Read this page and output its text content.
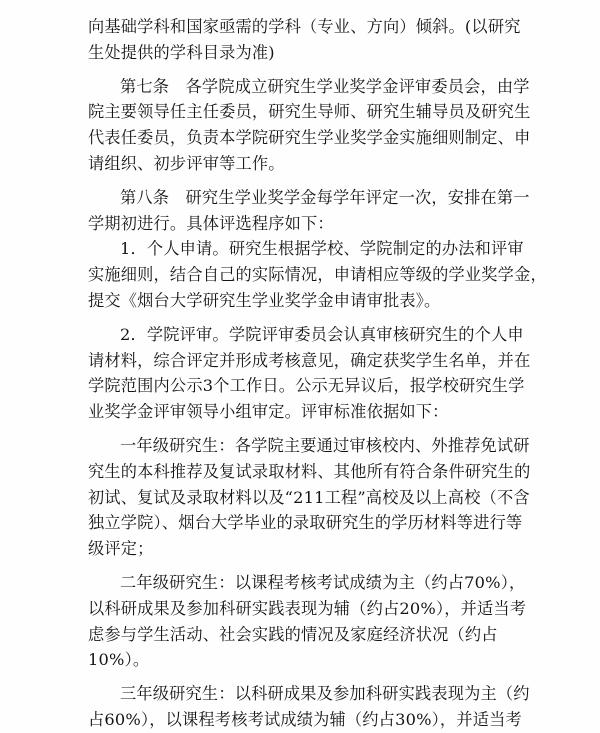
向基础学科和国家亟需的学科（专业、方向）倾斜。(以研究
生处提供的学科目录为准)
第七条　各学院成立研究生学业奖学金评审委员会，由学
院主要领导任主任委员，研究生导师、研究生辅导员及研究生
代表任委员，负责本学院研究生学业奖学金实施细则制定、申
请组织、初步评审等工作。
第八条　研究生学业奖学金每学年评定一次，安排在第一
学期初进行。具体评选程序如下：
1．个人申请。研究生根据学校、学院制定的办法和评审
实施细则，结合自己的实际情况，申请相应等级的学业奖学金，
提交《烟台大学研究生学业奖学金申请审批表》。
2．学院评审。学院评审委员会认真审核研究生的个人申
请材料，综合评定并形成考核意见，确定获奖学生名单，并在
学院范围内公示3个工作日。公示无异议后，报学校研究生学
业奖学金评审领导小组审定。评审标准依据如下：
一年级研究生：各学院主要通过审核校内、外推荐免试研
究生的本科推荐及复试录取材料、其他所有符合条件研究生的
初试、复试及录取材料以及“211工程”高校及以上高校（不含
独立学院）、烟台大学毕业的录取研究生的学历材料等进行等
级评定；
二年级研究生：以课程考核考试成绩为主（约占70%），
以科研成果及参加科研实践表现为辅（约占20%），并适当考
虑参与学生活动、社会实践的情况及家庭经济状况（约占
10%）。
三年级研究生：以科研成果及参加科研实践表现为主（约
占60%），以课程考核考试成绩为辅（约占30%），并适当考
